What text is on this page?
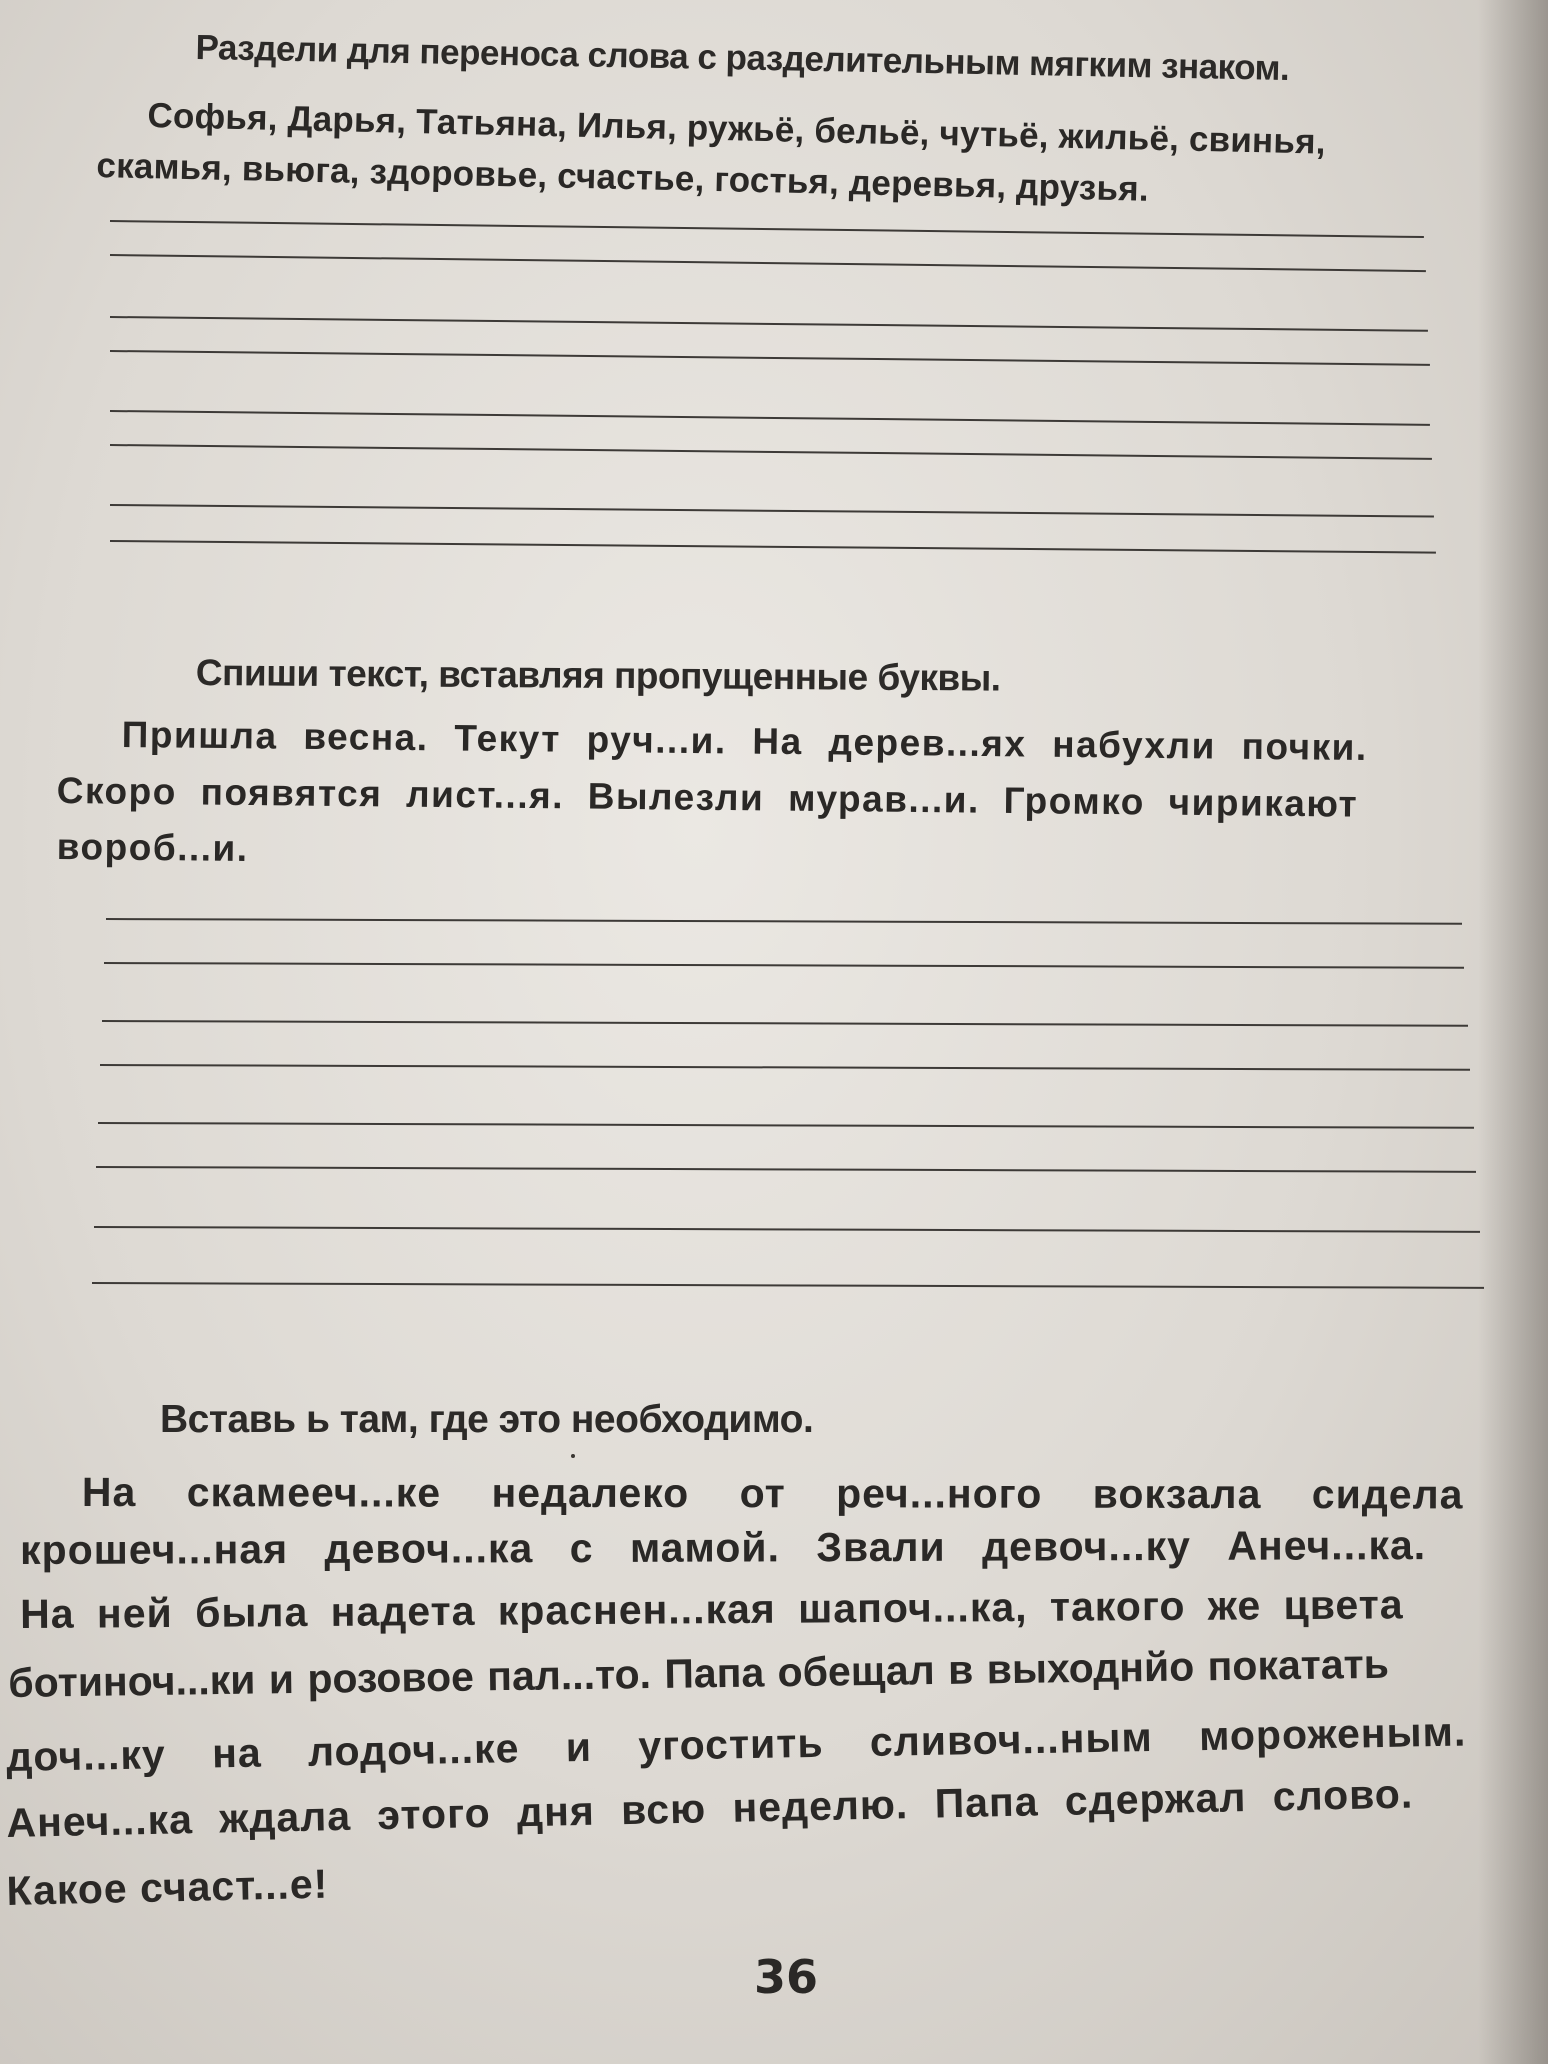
Раздели для переноса слова с разделительным мягким знаком.
Софья, Дарья, Татьяна, Илья, ружьё, бельё, чутьё, жильё, свинья,
скамья, вьюга, здоровье, счастье, гостья, деревья, друзья.
Спиши текст, вставляя пропущенные буквы.
Пришла весна. Текут руч...и. На дерев...ях набухли почки.
Скоро появятся лист...я. Вылезли мурав...и. Громко чирикают
вороб...и.
Вставь ь там, где это необходимо.
На скамееч...ке недалеко от реч...ного вокзала сидела
крошеч...ная девоч...ка с мамой. Звали девоч...ку Анеч...ка.
На ней была надета краснен...кая шапоч...ка, такого же цвета
ботиноч...ки и розовое пал...то. Папа обещал в выходнйо покатать
доч...ку на лодоч...ке и угостить сливоч...ным мороженым.
Анеч...ка ждала этого дня всю неделю. Папа сдержал слово.
Какое счаст...е!
36
